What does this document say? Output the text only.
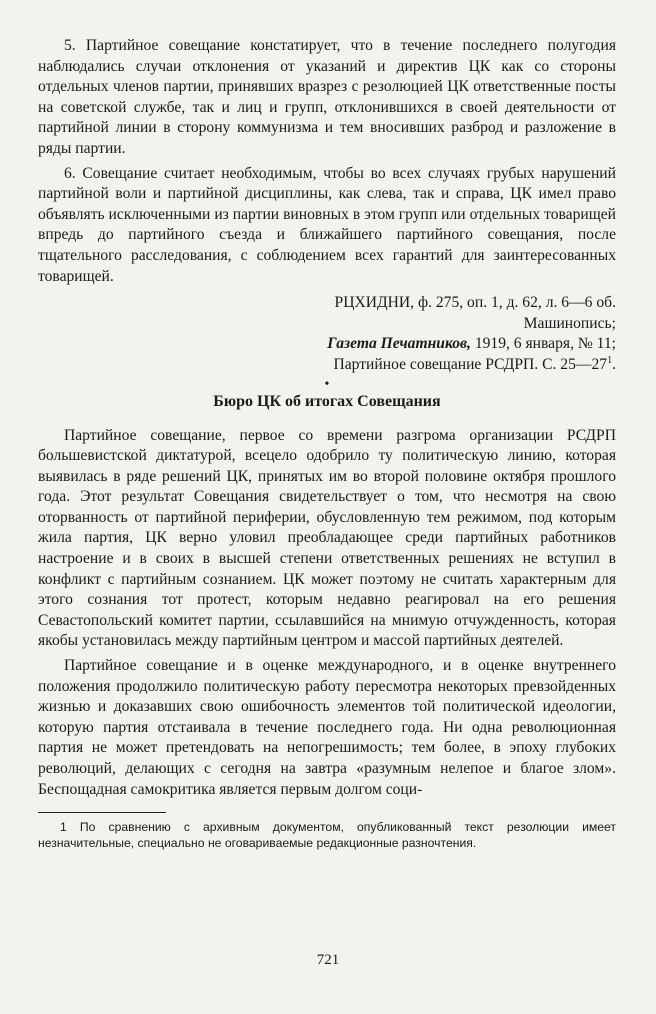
5. Партийное совещание констатирует, что в течение последнего полугодия наблюдались случаи отклонения от указаний и директив ЦК как со стороны отдельных членов партии, принявших вразрез с резолюцией ЦК ответственные посты на советской службе, так и лиц и групп, отклонившихся в своей деятельности от партийной линии в сторону коммунизма и тем вносивших разброд и разложение в ряды партии.

6. Совещание считает необходимым, чтобы во всех случаях грубых нарушений партийной воли и партийной дисциплины, как слева, так и справа, ЦК имел право объявлять исключенными из партии виновных в этом групп или отдельных товарищей впредь до партийного съезда и ближайшего партийного совещания, после тщательного расследования, с соблюдением всех гарантий для заинтересованных товарищей.

РЦХИДНИ, ф. 275, оп. 1, д. 62, л. 6—6 об.

Машинопись;

Газета Печатников, 1919, 6 января, № 11;

Партийное совещание РСДРП. С. $25—27^1$.

•

Бюро ЦК об итогах Совещания

Партийное совещание, первое со времени разгрома организации РСДРП большевистской диктатурой, всецело одобрило ту политическую линию, которая выявилась в ряде решений ЦК, принятых им во второй половине октября прошлого года. Этот результат Совещания свидетельствует о том, что несмотря на свою оторванность от партийной периферии, обусловленную тем режимом, под которым жила партия, ЦК верно уловил преобладающее среди партийных работников настроение и в своих в высшей степени ответственных решениях не вступил в конфликт с партийным сознанием. ЦК может поэтому не считать характерным для этого сознания тот протест, которым недавно реагировал на его решения Севастопольский комитет партии, ссылавшийся на мнимую отчужденность, которая якобы установилась между партийным центром и массой партийных деятелей.

Партийное совещание и в оценке международного, и в оценке внутреннего положения продолжило политическую работу пересмотра некоторых превзойденных жизнью и доказавших свою ошибочность элементов той политической идеологии, которую партия отстаивала в течение последнего года. Ни одна революционная партия не может претендовать на непогрешимость; тем более, в эпоху глубоких революций, делающих с сегодня на завтра «разумным нелепое и благое злом». Беспощадная самокритика является первым долгом соци-

1 По сравнению с архивным документом, опубликованный текст резолюции имеет незначительные, специально не оговариваемые редакционные разночтения.

721
